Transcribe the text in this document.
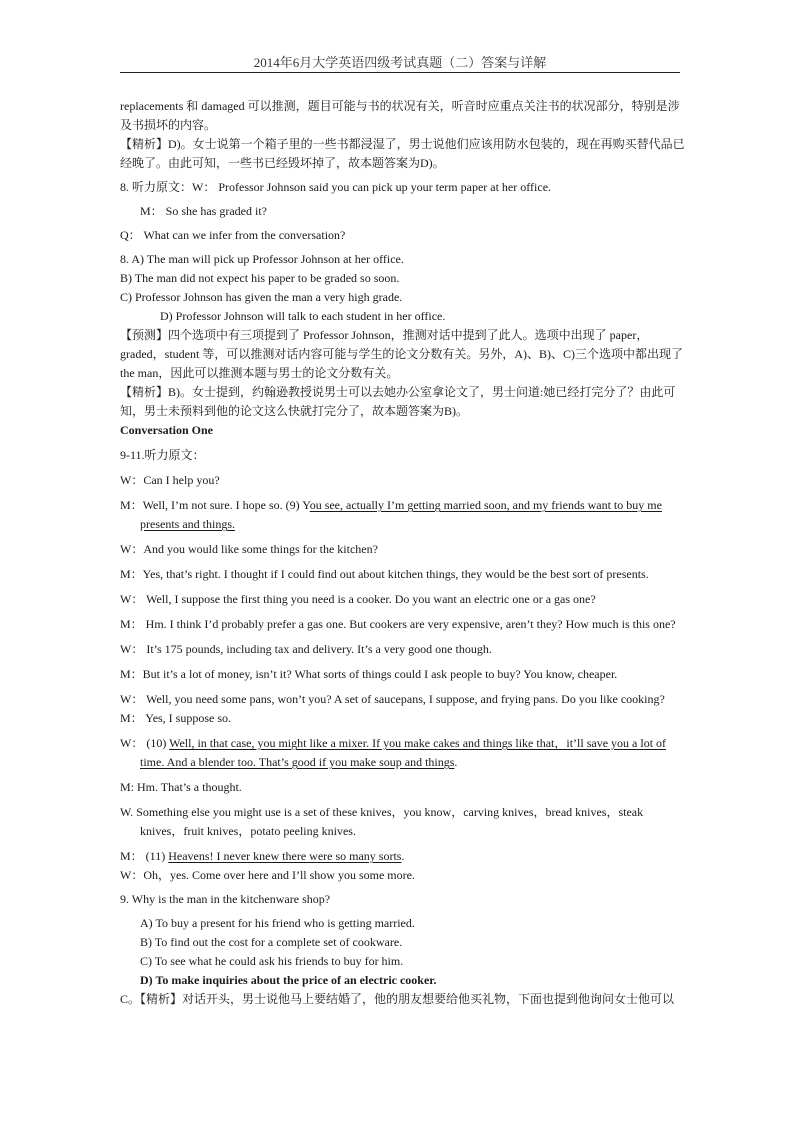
2014年6月大学英语四级考试真题（二）答案与详解

replacements 和 damaged 可以推测，题目可能与书的状况有关，听音时应重点关注书的状况部分，特别是涉及书损坏的内容。

【精析】D)。女士说第一个箱子里的一些书都浸湿了，男士说他们应该用防水包装的，现在再购买替代品已经晚了。由此可知，一些书已经毁坏掉了，故本题答案为D)。

8. 听力原文：W： Professor Johnson said you can pick up your term paper at her office.

M： So she has graded it?

Q： What can we infer from the conversation?

8. A) The man will pick up Professor Johnson at her office.

B) The man did not expect his paper to be graded so soon.

C) Professor Johnson has given the man a very high grade.

D) Professor Johnson will talk to each student in her office.

【预测】四个选项中有三项提到了 Professor Johnson，推测对话中提到了此人。选项中出现了 paper，graded，student 等，可以推测对话内容可能与学生的论文分数有关。另外，A)、B)、C)三个选项中都出现了 the man，因此可以推测本题与男士的论文分数有关。

【精析】B)。女士提到，约翰逊教授说男士可以去她办公室拿论文了，男士问道:她已经打完分了？由此可知，男士未预料到他的论文这么快就打完分了，故本题答案为B)。

Conversation One

9-11.听力原文：

W：Can I help you?

M：Well, I’m not sure. I hope so. (9) You see, actually I’m getting married soon, and my friends want to buy me presents and things.

W：And you would like some things for the kitchen?

M：Yes, that’s right. I thought if I could find out about kitchen things, they would be the best sort of presents.

W： Well, I suppose the first thing you need is a cooker. Do you want an electric one or a gas one?

M： Hm. I think I’d probably prefer a gas one. But cookers are very expensive, aren’t they? How much is this one?

W： It’s 175 pounds, including tax and delivery. It’s a very good one though.

M：But it’s a lot of money, isn’t it? What sorts of things could I ask people to buy? You know, cheaper.

W： Well, you need some pans, won’t you? A set of saucepans, I suppose, and frying pans. Do you like cooking?

M： Yes, I suppose so.

W： (10) Well, in that case, you might like a mixer. If you make cakes and things like that，it’ll save you a lot of time. And a blender too. That’s good if you make soup and things.

M: Hm. That’s a thought.

W. Something else you might use is a set of these knives，you know，carving knives，bread knives，steak knives，fruit knives，potato peeling knives.

M： (11) Heavens! I never knew there were so many sorts.

W：Oh，yes. Come over here and I’ll show you some more.

9. Why is the man in the kitchenware shop?

A) To buy a present for his friend who is getting married.

B) To find out the cost for a complete set of cookware.

C) To see what he could ask his friends to buy for him.

D) To make inquiries about the price of an electric cooker.

C。【精析】对话开头，男士说他马上要结婚了，他的朋友想要给他买礼物，下面也提到他询问女士他可以
